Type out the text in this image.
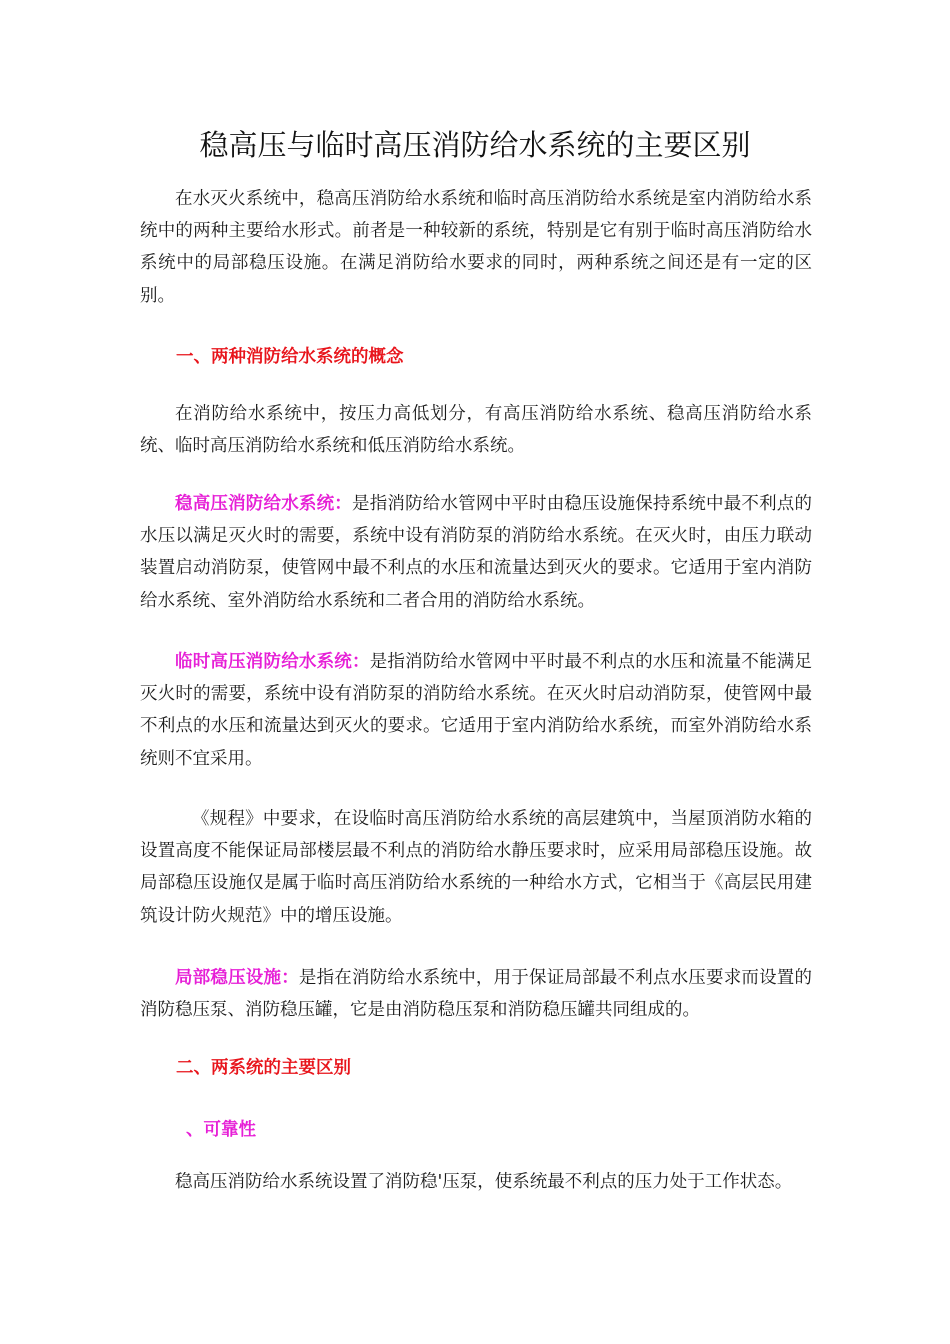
稳高压与临时高压消防给水系统的主要区别

在水灭火系统中，稳高压消防给水系统和临时高压消防给水系统是室内消防给水系统中的两种主要给水形式。前者是一种较新的系统，特别是它有别于临时高压消防给水系统中的局部稳压设施。在满足消防给水要求的同时，两种系统之间还是有一定的区别。

一、两种消防给水系统的概念

在消防给水系统中，按压力高低划分，有高压消防给水系统、稳高压消防给水系统、临时高压消防给水系统和低压消防给水系统。

稳高压消防给水系统：是指消防给水管网中平时由稳压设施保持系统中最不利点的水压以满足灭火时的需要，系统中设有消防泵的消防给水系统。在灭火时，由压力联动装置启动消防泵，使管网中最不利点的水压和流量达到灭火的要求。它适用于室内消防给水系统、室外消防给水系统和二者合用的消防给水系统。

临时高压消防给水系统：是指消防给水管网中平时最不利点的水压和流量不能满足灭火时的需要，系统中设有消防泵的消防给水系统。在灭火时启动消防泵，使管网中最不利点的水压和流量达到灭火的要求。它适用于室内消防给水系统，而室外消防给水系统则不宜采用。

《规程》中要求，在设临时高压消防给水系统的高层建筑中，当屋顶消防水箱的设置高度不能保证局部楼层最不利点的消防给水静压要求时，应采用局部稳压设施。故局部稳压设施仅是属于临时高压消防给水系统的一种给水方式，它相当于《高层民用建筑设计防火规范》中的增压设施。

局部稳压设施：是指在消防给水系统中，用于保证局部最不利点水压要求而设置的消防稳压泵、消防稳压罐，它是由消防稳压泵和消防稳压罐共同组成的。

二、两系统的主要区别
、可靠性

稳高压消防给水系统设置了消防稳'压泵，使系统最不利点的压力处于工作状态。
